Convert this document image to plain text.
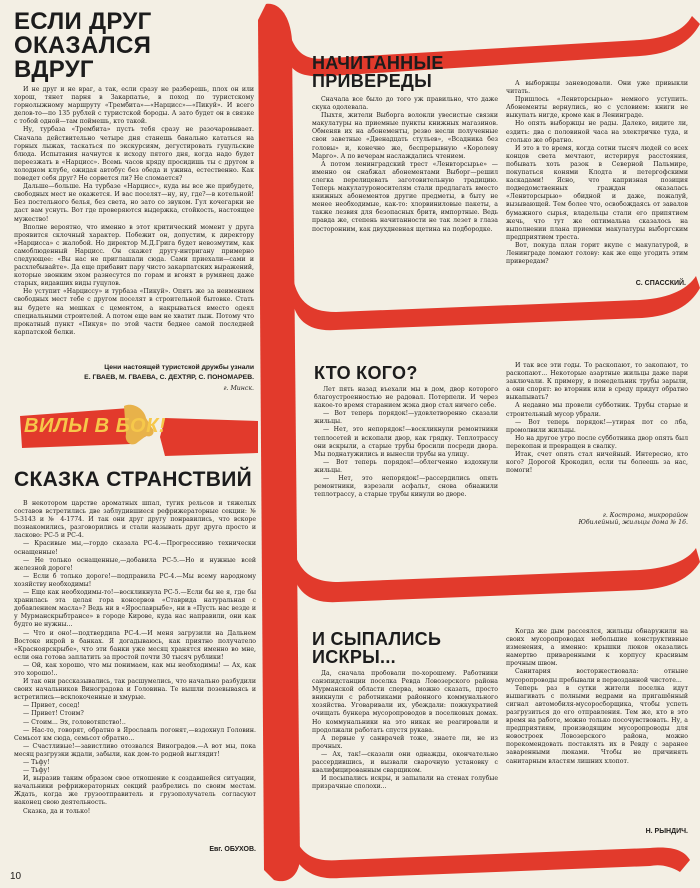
ВИЛЫ В БОК!
ЕСЛИ ДРУГ
ОКАЗАЛСЯ
ВДРУГ

И не друг и не враг, а так, если сразу не разберешь, плох он или хорош, тянет парня в Закарпатье, в поход по туристскому горнолыжному маршруту «Трембита»—«Нарцисс»—«Пикуй». И всего делов-то—по 135 рублей с туристской бороды. А зато будет он в связке с тобой одной—там поймешь, кто такой.

Ну, турбаза «Трембита» пусть тебя сразу не разочаровывает. Сначала действительно четыре дня станешь банально кататься на горных лыжах, таскаться по экскурсиям, дегустировать гуцульские блюда. Испытания начнутся к исходу пятого дня, когда надо будет переезжать в «Нарцисс». Всемь часов кряду просидишь ты с другом в холодном клубе, ожидая автобус без обеда и ужина, естественно. Как поведет себя друг? Не сорвется ли? Не сломается?

Дальше—больше. На турбазе «Нарцисс», куда вы все же прибудете, свободных мест не окажется. И вас поселят—ну, ну, где?—в котельной! Без постельного белья, без света, но зато со звуком. Гул кочегарки не даст вам уснуть. Вот где проверяются выдержка, стойкость, настоящее мужество!

Вполне вероятно, что именно в этот критический момент у друга проявится склочный характер. Побежит он, допустим, к директору «Нарцисса» с жалобой. Но директор М.Д.Грига будет невозмутим, как самоблюденный Нарцисс. Он скажет другу-интригану примерно следующее: «Вы нас не приглашали сюда. Сами приехали—сами и расхлебывайте». Да еще прибавит пару чисто закарпатских выражений, которые звонким эхом разнесутся по горам и вгонят в румянец даже старых, видавших виды гуцулов.

Не уступит «Нарциссу» и турбаза «Пикуй». Опять же за неимением свободных мест тебе с другом поселят в строительной бытовке. Стать вы будете на мешках с цементом, а накрываться вместо одеял специальными строителей. А потом еще вам не хватит лыж. Потому что прокатный пункт «Пикуя» по этой части беднее самой последней карпатской белки.

Цени настоящей туристской дружбы узнали
Е. ГВАЕВ, М. ГВАЕВА, С. ДЕХТЯР, С. ПОНОМАРЕВ.
г. Минск.
СКАЗКА СТРАНСТВИЙ

В некотором царстве ароматных шпал, тугих рельсов и тяжелых составов встретились две заблудившиеся рефрижераторные секции: № 5-3143 и № 4-1774. И так они друг другу понравились, что вскоре познакомились, разговорились и стали называть друг друга просто и ласково: РС-5 и РС-4.

— Красивые мы,—гордо сказала РС-4.—Прогрессивно технически оснащенные!

— Не только оснащенные,—добавила РС-5.—Но и нужные всей железной дороге!

— Если б только дороге!—подправила РС-4.—Мы всему народному хозяйству необходимы!

— Еще как необходимы-то!—воскликнула РС-5.—Если бы не я, где бы хранилась эта целая гора консервов «Ставрида натуральная с добавлением масла»? Ведь ни в «Ярославрыбе», ни в «Пусть нас везде и у Мурманскрыбтрансе» в городе Кирове, куда нас направили, они как будто не нужны...

— Что и оно!—подтвердила РС-4.—И меня загрузили на Дальнем Востоке икрой в банках. Я догадываюсь, как приятно получатело «Красноярскрыбе», что эти банки уже месяц хранятся именно во мне, если она готова заплатить за простой почти 30 тысяч рублики!

— Ой, как хорошо, что мы понимаем, как мы необходимы! — Ах, как это хорошо!..

И так они рассказывались, так расшумелись, что начально разбудили своих начальников Виноградова и Головина. Те вышли позевываясь и встретились—всклокоченные и хмурые.

— Привет, сосед!

— Привет! Стоим?

— Стоим... Эх, головотяпство!..

— Нас-то, говорят, обратно в Ярославль погонят,—вздохнул Головин. Семьсот км сюда, семьсот обратно...

— Счастливые!—завистливо отозвался Виноградов.—А вот мы, пока месяц разгрузки ждали, забыли, как дом-то родной выглядит!

— Тьфу!

— Тьфу!

И, выразив таким образом свое отношение к создавшейся ситуации, начальники рефрижераторных секций разбрелись по своим местам. Ждать, когда же грузоотправитель и грузополучатель согласуют наконец свою деятельность.

Сказка, да и только!

Евг. ОБУХОВ.
НАЧИТАННЫЕ
ПРИВЕРЕДЫ

Сначала все было до того уж правильно, что даже скука одолевала.

Пыхтя, жители Выборга волокли увесистые связки макулатуры на приемные пункты книжных магазинов. Обменяв их на абонементы, резво несли полученные свои заветные «Двенадцать стульев», «Всадника без головы» и, конечно же, беспрерывную «Королеву Марго». А по вечерам наслаждались чтением.

А потом ленинградский трест «Ленвторсырье» — именно он снабжал абонементами Выборг—решил слегка перелицевать заготовительную традицию. Теперь макулатуроносителям стали предлагать вместо книжных абонементов другие предметы, в быту не менее необходимые, как-то: хлорвиниловые пакеты, а также лезвия для безопасных бритв, импортные. Ведь правда же, степень начитанности не так лезет в глаза посторонним, как двухдневная щетина на подбородке.

А выборжцы заневодовали. Они уже привыкли читать.

Пришлось «Ленвторсырью» немного уступить. Абонементы вернулись, но с условием: книги не выкупать нигде, кроме как в Ленинграде.

Но опять выборжцы не рады. Далеко, видите ли, ездить: два с половиной часа на электричке туда, и столько же обратно.

И это в то время, когда сотни тысяч людей со всех концов света мечтают, истерируя расстояния, побывать хоть разок в Северной Пальмире, покупаться конями Клодта и петергофскими каскадами! Ясно, что капризная позиция подведомственных граждан оказалась «Ленвторсырью» обидной и даже, пожалуй, вызывающей. Тем более что, освобождаясь от завалов бумажного сырья, владельцы стали его припятием жечь, что тут же оптимальна сказалось на выполнении плана приемки макулатуры выборгским предприятием треста.

Вот, покуда план горит вкупе с макулатурой, в Ленинграде ломают голову: как же еще угодить этим привередам?

С. СПАССКИЙ.
КТО КОГО?

Лет пять назад въехали мы в дом, двор которого благоустроенностью не радовал. Потерпели. И через какое-то время старанием жэка двор стал ничего себе.

— Вот теперь порядок!—удовлетворенно сказали жильцы.

— Нет, это непорядок!—воскликнули ремонтники теплосетей и вскопали двор, как грядку. Теплотрассу они вскрыли, а старые трубы бросили посреди двора. Мы поднатужились и вынесли трубы на улицу.

— Вот теперь порядок!—облегченно вздохнули жильцы.

— Нет, это непорядок!—рассердились опять ремонтники, взрезали асфальт, снова обнажили теплотрассу, а старые трубы кинули во дворе.

И так все эти годы. То раскопают, то закопают, то раскопают... Некоторые азартные жильцы даже пари заключали. К примеру, в понедельник трубы зарыли, а они спорят: во вторник или в среду придут обратно выкапывать?

А недавно мы провели субботник. Трубы старые и строительный мусор убрали.

— Вот теперь порядок!—утирая пот со лба, промолвили жильцы.

Но на другое утро после субботника двор опять был перекопан и превращен в свалку.

Итак, счет опять стал ничейный. Интересно, кто кого? Дорогой Крокодил, если ты болеешь за нас, помоги!

г. Кострома, микрорайон Юбилейный, жильцы дома № 16.
И СЫПАЛИСЬ
ИСКРЫ...

Да, сначала пробовали по-хорошему. Работники санэпидстанции поселка Ревда Ловозерского района Мурманской области сперва, можно сказать, просто вникнули с работниками районного коммунального хозяйства. Уговаривали их, убеждали: пожкухратией очищать бункера мусоропроводов в поселковых домах. Но коммунальники на это никак не реагировали и продолжали работать спустя рукава.

А первые у санврачей тоже, знаете ли, не из прочных.

— Ах, так!—сказали они однажды, окончательно рассердившись, и вызвали сварочную установку с квалифицированным сварщиком.

И посыпались искры, и запылали на стенах голубые призрачные сполохи...

Когда же дым рассеялся, жильцы обнаружили на своих мусоропроводах небольшие конструктивные изменения, а именно: крышки люков оказались намертво приваренными к корпусу красивым прочным швом.

Санитария восторжествовала: отныне мусоропроводы пребывали в первозданной чистоте...

Теперь раз в сутки жители поселка идут вышагивать с полными ведрами на пригашённый сигнал автомобиля-мусоросборщика, чтобы успеть разгрузиться до его отправления. Тем же, кто в это время на работе, можно только посочувствовать. Ну, а предприятиям, производящим мусоропроводы для новостроек Ловозерского района, можно порекомендовать поставлять их в Ревду с заранее заваренными люками. Чтобы не причинять санитарным властям лишних хлопот.

Н. РЫНДИЧ.
10
